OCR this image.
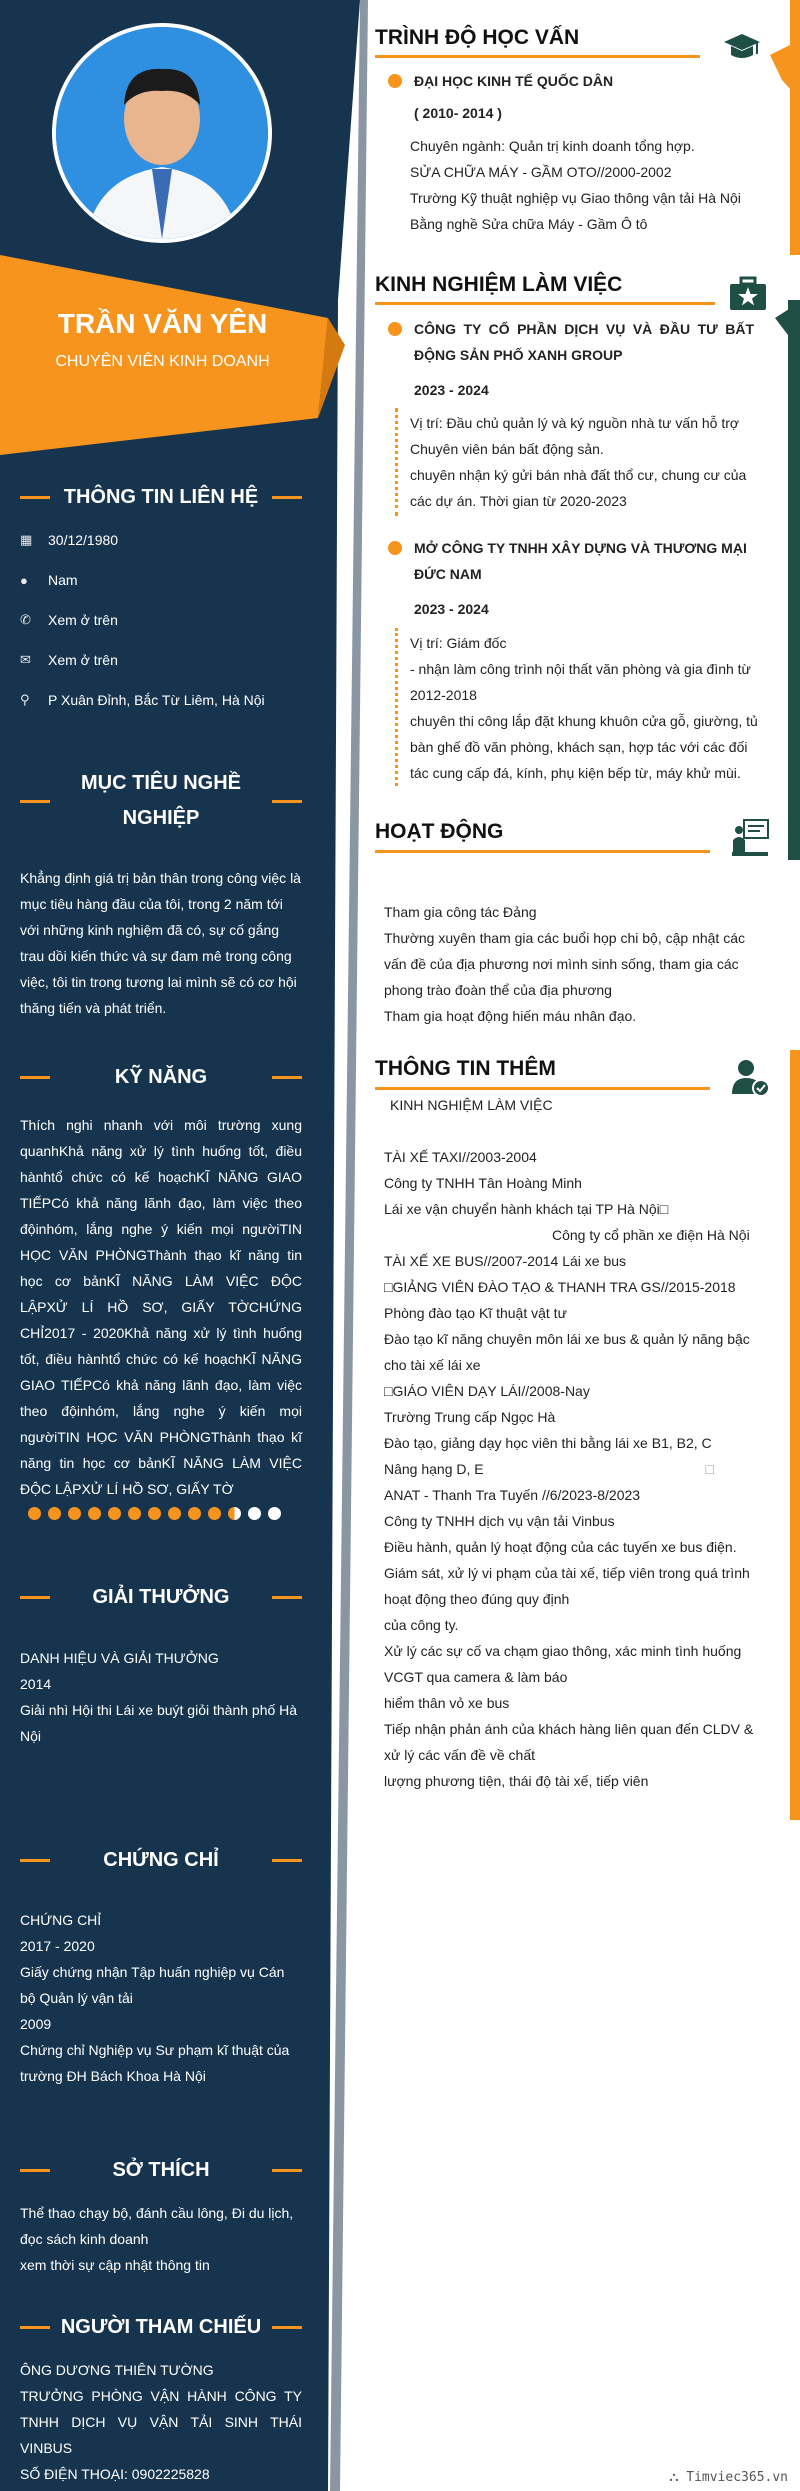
TRẦN VĂN YÊN
CHUYÊN VIÊN KINH DOANH
THÔNG TIN LIÊN HỆ
▦	30/12/1980
●	Nam
✆	Xem ở trên
✉	Xem ở trên
⚲	P Xuân Đỉnh, Bắc Từ Liêm, Hà Nội
MỤC TIÊU NGHỀ
NGHIỆP
Khẳng định giá trị bản thân trong công việc là mục tiêu hàng đầu của tôi, trong 2 năm tới với những kinh nghiệm đã có, sự cố gắng trau dồi kiến thức và sự đam mê trong công việc, tôi tin trong tương lai mình sẽ có cơ hội thăng tiến và phát triển.
KỸ NĂNG
Thích nghi nhanh với môi trường xung quanhKhả năng xử lý tình huống tốt, điều hànhtổ chức có kế hoạchKĨ NĂNG GIAO TIẾPCó khả năng lãnh đạo, làm việc theo độinhóm, lắng nghe ý kiến mọi ngườiTIN HỌC VĂN PHÒNGThành thạo kĩ năng tin học cơ bảnKĨ NĂNG LÀM VIỆC ĐỘC LẬPXỬ LÍ HỒ SƠ, GIẤY TỜCHỨNG CHỈ2017 - 2020Khả năng xử lý tình huống tốt, điều hànhtổ chức có kế hoạchKĨ NĂNG GIAO TIẾPCó khả năng lãnh đạo, làm việc theo độinhóm, lắng nghe ý kiến mọi ngườiTIN HỌC VĂN PHÒNGThành thạo kĩ năng tin học cơ bảnKĨ NĂNG LÀM VIỆC ĐỘC LẬPXỬ LÍ HỒ SƠ, GIẤY TỜ
GIẢI THƯỞNG
DANH HIỆU VÀ GIẢI THƯỞNG
2014
Giải nhì Hội thi Lái xe buýt giỏi thành phố Hà Nội
CHỨNG CHỈ
CHỨNG CHỈ
2017 - 2020
Giấy chứng nhận Tập huấn nghiệp vụ Cán bộ Quản lý vận tải
2009
Chứng chỉ Nghiệp vụ Sư phạm kĩ thuật của trường ĐH Bách Khoa Hà Nội
SỞ THÍCH
Thể thao chạy bộ, đánh cầu lông, Đi du lịch, đọc sách kinh doanh
xem thời sự cập nhật thông tin
NGƯỜI THAM CHIẾU
ÔNG DƯƠNG THIÊN TƯỜNG
TRƯỞNG PHÒNG VẬN HÀNH CÔNG TY TNHH DỊCH VỤ VẬN TẢI SINH THÁI VINBUS
SỐ ĐIỆN THOẠI: 0902225828
TRÌNH ĐỘ HỌC VẤN
ĐẠI HỌC KINH TẾ QUỐC DÂN
( 2010- 2014 )
Chuyên ngành: Quản trị kinh doanh tổng hợp.
SỬA CHỮA MÁY - GẦM OTO//2000-2002
Trường Kỹ thuật nghiệp vụ Giao thông vận tải Hà Nội
Bằng nghề Sửa chữa Máy - Gầm Ô tô
KINH NGHIỆM LÀM VIỆC
CÔNG TY CỔ PHẦN DỊCH VỤ VÀ ĐẦU TƯ BẤT
ĐỘNG SẢN PHỐ XANH GROUP
2023 - 2024
Vị trí: Đầu chủ quản lý và ký nguồn nhà tư vấn hỗ trợ
Chuyên viên bán bất động sản.
chuyên nhận ký gửi bán nhà đất thổ cư, chung cư của
các dự án. Thời gian từ 2020-2023
MỞ CÔNG TY TNHH XÂY DỰNG VÀ THƯƠNG MẠI
ĐỨC NAM
2023 - 2024
Vị trí: Giám đốc
- nhận làm công trình nội thất văn phòng và gia đình từ
2012-2018
chuyên thi công lắp đặt khung khuôn cửa gỗ, giường, tủ
bàn ghế đồ văn phòng, khách sạn, hợp tác với các đối
tác cung cấp đá, kính, phụ kiện bếp từ, máy khử mùi.
HOẠT ĐỘNG
Tham gia công tác Đảng
Thường xuyên tham gia các buổi họp chi bộ, cập nhật các
vấn đề của địa phương nơi mình sinh sống, tham gia các
phong trào đoàn thể của địa phương
Tham gia hoạt động hiến máu nhân đạo.
THÔNG TIN THÊM
KINH NGHIỆM LÀM VIỆC
TÀI XẾ TAXI//2003-2004
Công ty TNHH Tân Hoàng Minh
Lái xe vận chuyển hành khách tại TP Hà Nội□
Công ty cổ phần xe điện Hà Nội
TÀI XẾ XE BUS//2007-2014 Lái xe bus
□GIẢNG VIÊN ĐÀO TẠO & THANH TRA GS//2015-2018
Phòng đào tạo Kĩ thuật vật tư
Đào tạo kĩ năng chuyên môn lái xe bus & quản lý năng bậc
cho tài xế lái xe
□GIÁO VIÊN DẠY LÁI//2008-Nay
Trường Trung cấp Ngọc Hà
Đào tạo, giảng dạy học viên thi bằng lái xe B1, B2, C
Nâng hạng D, E	□
ANAT - Thanh Tra Tuyến //6/2023-8/2023
Công ty TNHH dịch vụ vận tải Vinbus
Điều hành, quản lý hoạt động của các tuyến xe bus điện.
Giám sát, xử lý vi phạm của tài xế, tiếp viên trong quá trình
hoạt động theo đúng quy định
của công ty.
Xử lý các sự cố va chạm giao thông, xác minh tình huống
VCGT qua camera & làm báo
hiểm thân vỏ xe bus
Tiếp nhận phản ánh của khách hàng liên quan đến CLDV &
xử lý các vấn đề về chất
lượng phương tiện, thái độ tài xế, tiếp viên
⛬ Timviec365.vn
